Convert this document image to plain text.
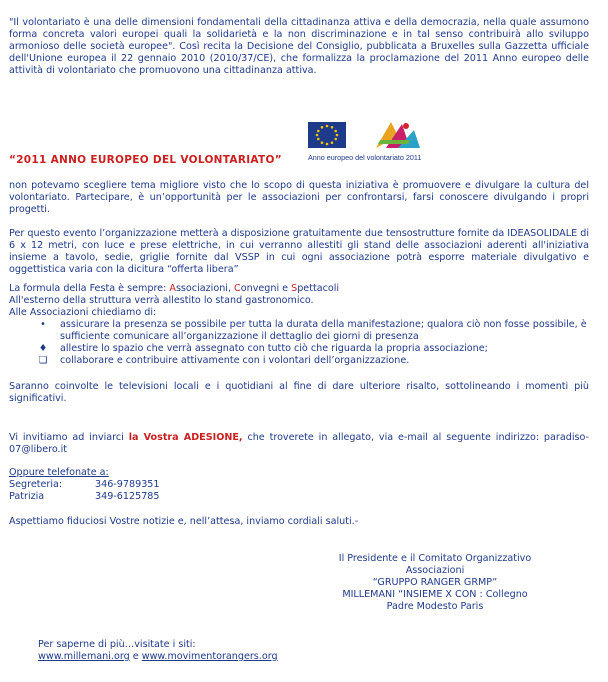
"Il volontariato è una delle dimensioni fondamentali della cittadinanza attiva e della democrazia, nella quale assumono forma concreta valori europei quali la solidarietà e la non discriminazione e in tal senso contribuirà allo sviluppo armonioso delle società europee". Così recita la Decisione del Consiglio, pubblicata a Bruxelles sulla Gazzetta ufficiale dell'Unione europea il 22 gennaio 2010 (2010/37/CE), che formalizza la proclamazione del 2011 Anno europeo delle attività di volontariato che promuovono una cittadinanza attiva.

Anno europeo del volontariato 2011

“2011 ANNO EUROPEO DEL VOLONTARIATO”

non potevamo scegliere tema migliore visto che lo scopo di questa iniziativa è promuovere e divulgare la cultura del volontariato. Partecipare, è un’opportunità per le associazioni per confrontarsi, farsi conoscere divulgando i propri progetti.

Per questo evento l’organizzazione metterà a disposizione gratuitamente due tensostrutture fornite da IDEASOLIDALE di 6 x 12 metri, con luce e prese elettriche, in cui verranno allestiti gli stand delle associazioni aderenti all'iniziativa insieme a tavolo, sedie, griglie fornite dal VSSP in cui ogni associazione potrà esporre materiale divulgativo e oggettistica varia con la dicitura “offerta libera”

La formula della Festa è sempre: Associazioni, Convegni e Spettacoli

All'esterno della struttura verrà allestito lo stand gastronomico.

Alle Associazioni chiediamo di:

• assicurare la presenza se possibile per tutta la durata della manifestazione; qualora ciò non fosse possibile, è sufficiente comunicare all’organizzazione il dettaglio dei giorni di presenza
♦ allestire lo spazio che verrà assegnato con tutto ciò che riguarda la propria associazione;
❑ collaborare e contribuire attivamente con i volontari dell’organizzazione.

Saranno coinvolte le televisioni locali e i quotidiani al fine di dare ulteriore risalto, sottolineando i momenti più significativi.

Vi invitiamo ad inviarci la Vostra ADESIONE, che troverete in allegato, via e-mail al seguente indirizzo: paradiso-07@libero.it

Oppure telefonate a:
Segreteria:	346-9789351
Patrizia	349-6125785

Aspettiamo fiduciosi Vostre notizie e, nell’attesa, inviamo cordiali saluti.-

Il Presidente e il Comitato Organizzativo
Associazioni
“GRUPPO RANGER GRMP”
MILLEMANI “INSIEME X CON : Collegno
Padre Modesto Paris
Per saperne di più…visitate i siti:
www.millemani.org e www.movimentorangers.org
